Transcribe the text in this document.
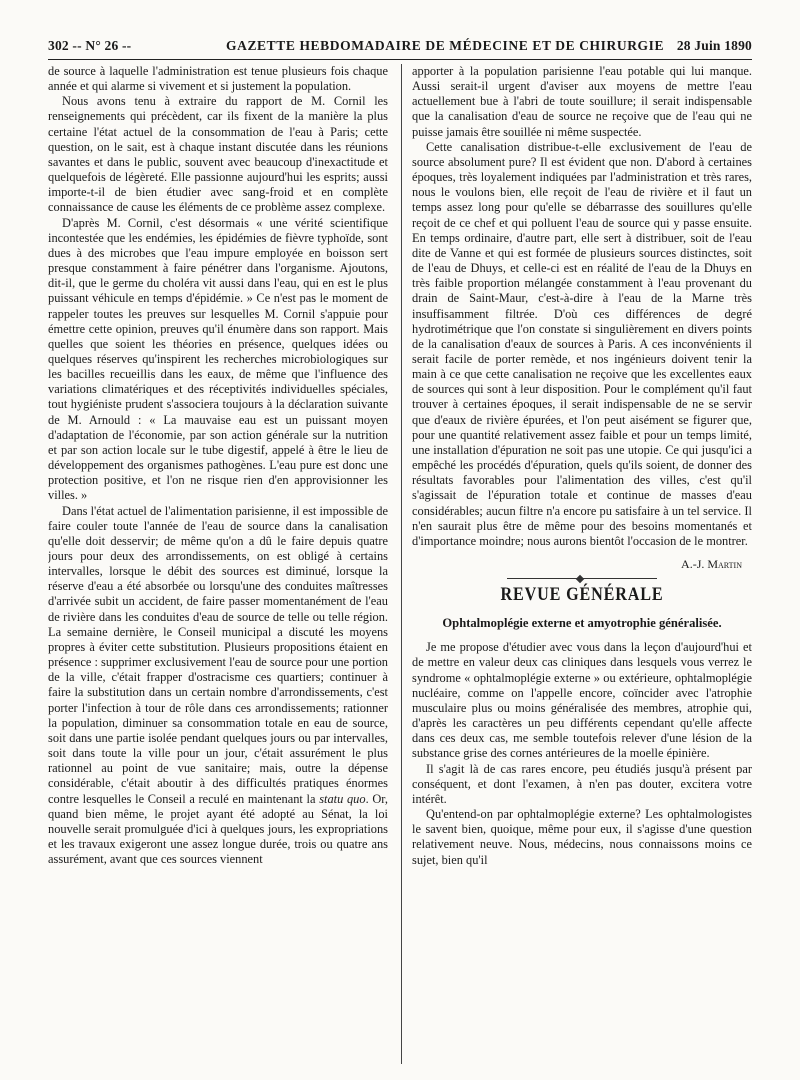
302 -- N° 26 --	GAZETTE HEBDOMADAIRE DE MÉDECINE ET DE CHIRURGIE 28 Juin 1890

de source à laquelle l'administration est tenue plusieurs fois chaque année et qui alarme si vivement et si justement la population.

Nous avons tenu à extraire du rapport de M. Cornil les renseignements qui précèdent, car ils fixent de la manière la plus certaine l'état actuel de la consommation de l'eau à Paris; cette question, on le sait, est à chaque instant discutée dans les réunions savantes et dans le public, souvent avec beaucoup d'inexactitude et quelquefois de légèreté. Elle passionne aujourd'hui les esprits; aussi importe-t-il de bien étudier avec sang-froid et en complète connaissance de cause les éléments de ce problème assez complexe.

D'après M. Cornil, c'est désormais « une vérité scientifique incontestée que les endémies, les épidémies de fièvre typhoïde, sont dues à des microbes que l'eau impure employée en boisson sert presque constamment à faire pénétrer dans l'organisme. Ajoutons, dit-il, que le germe du choléra vit aussi dans l'eau, qui en est le plus puissant véhicule en temps d'épidémie. » Ce n'est pas le moment de rappeler toutes les preuves sur lesquelles M. Cornil s'appuie pour émettre cette opinion, preuves qu'il énumère dans son rapport. Mais quelles que soient les théories en présence, quelques idées ou quelques réserves qu'inspirent les recherches microbiologiques sur les bacilles recueillis dans les eaux, de même que l'influence des variations climatériques et des réceptivités individuelles spéciales, tout hygiéniste prudent s'associera toujours à la déclaration suivante de M. Arnould : « La mauvaise eau est un puissant moyen d'adaptation de l'économie, par son action générale sur la nutrition et par son action locale sur le tube digestif, appelé à être le lieu de développement des organismes pathogènes. L'eau pure est donc une protection positive, et l'on ne risque rien d'en approvisionner les villes. »

Dans l'état actuel de l'alimentation parisienne, il est impossible de faire couler toute l'année de l'eau de source dans la canalisation qu'elle doit desservir; de même qu'on a dû le faire depuis quatre jours pour deux des arrondissements, on est obligé à certains intervalles, lorsque le débit des sources est diminué, lorsque la réserve d'eau a été absorbée ou lorsqu'une des conduites maîtresses d'arrivée subit un accident, de faire passer momentanément de l'eau de rivière dans les conduites d'eau de source de telle ou telle région. La semaine dernière, le Conseil municipal a discuté les moyens propres à éviter cette substitution. Plusieurs propositions étaient en présence : supprimer exclusivement l'eau de source pour une portion de la ville, c'était frapper d'ostracisme ces quartiers; continuer à faire la substitution dans un certain nombre d'arrondissements, c'est porter l'infection à tour de rôle dans ces arrondissements; rationner la population, diminuer sa consommation totale en eau de source, soit dans une partie isolée pendant quelques jours ou par intervalles, soit dans toute la ville pour un jour, c'était assurément le plus rationnel au point de vue sanitaire; mais, outre la dépense considérable, c'était aboutir à des difficultés pratiques énormes contre lesquelles le Conseil a reculé en maintenant la statu quo. Or, quand bien même, le projet ayant été adopté au Sénat, la loi nouvelle serait promulguée d'ici à quelques jours, les expropriations et les travaux exigeront une assez longue durée, trois ou quatre ans assurément, avant que ces sources viennent

apporter à la population parisienne l'eau potable qui lui manque. Aussi serait-il urgent d'aviser aux moyens de mettre l'eau actuellement bue à l'abri de toute souillure; il serait indispensable que la canalisation d'eau de source ne reçoive que de l'eau qui ne puisse jamais être souillée ni même suspectée.

Cette canalisation distribue-t-elle exclusivement de l'eau de source absolument pure? Il est évident que non. D'abord à certaines époques, très loyalement indiquées par l'administration et très rares, nous le voulons bien, elle reçoit de l'eau de rivière et il faut un temps assez long pour qu'elle se débarrasse des souillures qu'elle reçoit de ce chef et qui polluent l'eau de source qui y passe ensuite. En temps ordinaire, d'autre part, elle sert à distribuer, soit de l'eau dite de Vanne et qui est formée de plusieurs sources distinctes, soit de l'eau de Dhuys, et celle-ci est en réalité de l'eau de la Dhuys en très faible proportion mélangée constamment à l'eau provenant du drain de Saint-Maur, c'est-à-dire à l'eau de la Marne très insuffisamment filtrée. D'où ces différences de degré hydrotimétrique que l'on constate si singulièrement en divers points de la canalisation d'eaux de sources à Paris. A ces inconvénients il serait facile de porter remède, et nos ingénieurs doivent tenir la main à ce que cette canalisation ne reçoive que les excellentes eaux de sources qui sont à leur disposition. Pour le complément qu'il faut trouver à certaines époques, il serait indispensable de ne se servir que d'eaux de rivière épurées, et l'on peut aisément se figurer que, pour une quantité relativement assez faible et pour un temps limité, une installation d'épuration ne soit pas une utopie. Ce qui jusqu'ici a empêché les procédés d'épuration, quels qu'ils soient, de donner des résultats favorables pour l'alimentation des villes, c'est qu'il s'agissait de l'épuration totale et continue de masses d'eau considérables; aucun filtre n'a encore pu satisfaire à un tel service. Il n'en saurait plus être de même pour des besoins momentanés et d'importance moindre; nous aurons bientôt l'occasion de le montrer.

A.-J. Martin
REVUE GÉNÉRALE
Ophtalmoplégie externe et amyotrophie généralisée.

Je me propose d'étudier avec vous dans la leçon d'aujourd'hui et de mettre en valeur deux cas cliniques dans lesquels vous verrez le syndrome « ophtalmoplégie externe » ou extérieure, ophtalmoplégie nucléaire, comme on l'appelle encore, coïncider avec l'atrophie musculaire plus ou moins généralisée des membres, atrophie qui, d'après les caractères un peu différents cependant qu'elle affecte dans ces deux cas, me semble toutefois relever d'une lésion de la substance grise des cornes antérieures de la moelle épinière.

Il s'agit là de cas rares encore, peu étudiés jusqu'à présent par conséquent, et dont l'examen, à n'en pas douter, excitera votre intérêt.

Qu'entend-on par ophtalmoplégie externe? Les ophtalmologistes le savent bien, quoique, même pour eux, il s'agisse d'une question relativement neuve. Nous, médecins, nous connaissons moins ce sujet, bien qu'il
